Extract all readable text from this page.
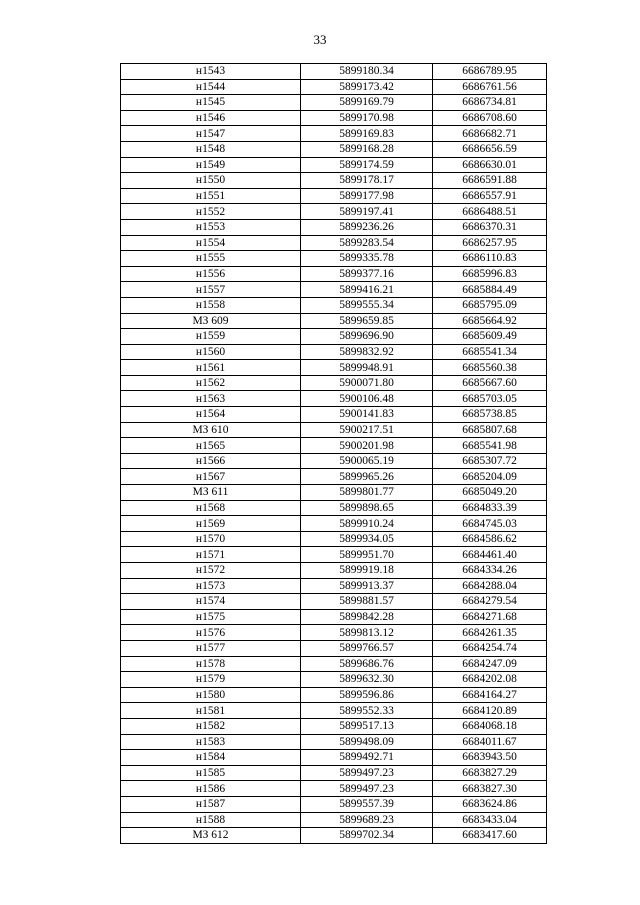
33
н1543	5899180.34	6686789.95
н1544	5899173.42	6686761.56
н1545	5899169.79	6686734.81
н1546	5899170.98	6686708.60
н1547	5899169.83	6686682.71
н1548	5899168.28	6686656.59
н1549	5899174.59	6686630.01
н1550	5899178.17	6686591.88
н1551	5899177.98	6686557.91
н1552	5899197.41	6686488.51
н1553	5899236.26	6686370.31
н1554	5899283.54	6686257.95
н1555	5899335.78	6686110.83
н1556	5899377.16	6685996.83
н1557	5899416.21	6685884.49
н1558	5899555.34	6685795.09
МЗ 609	5899659.85	6685664.92
н1559	5899696.90	6685609.49
н1560	5899832.92	6685541.34
н1561	5899948.91	6685560.38
н1562	5900071.80	6685667.60
н1563	5900106.48	6685703.05
н1564	5900141.83	6685738.85
МЗ 610	5900217.51	6685807.68
н1565	5900201.98	6685541.98
н1566	5900065.19	6685307.72
н1567	5899965.26	6685204.09
МЗ 611	5899801.77	6685049.20
н1568	5899898.65	6684833.39
н1569	5899910.24	6684745.03
н1570	5899934.05	6684586.62
н1571	5899951.70	6684461.40
н1572	5899919.18	6684334.26
н1573	5899913.37	6684288.04
н1574	5899881.57	6684279.54
н1575	5899842.28	6684271.68
н1576	5899813.12	6684261.35
н1577	5899766.57	6684254.74
н1578	5899686.76	6684247.09
н1579	5899632.30	6684202.08
н1580	5899596.86	6684164.27
н1581	5899552.33	6684120.89
н1582	5899517.13	6684068.18
н1583	5899498.09	6684011.67
н1584	5899492.71	6683943.50
н1585	5899497.23	6683827.29
н1586	5899497.23	6683827.30
н1587	5899557.39	6683624.86
н1588	5899689.23	6683433.04
МЗ 612	5899702.34	6683417.60
